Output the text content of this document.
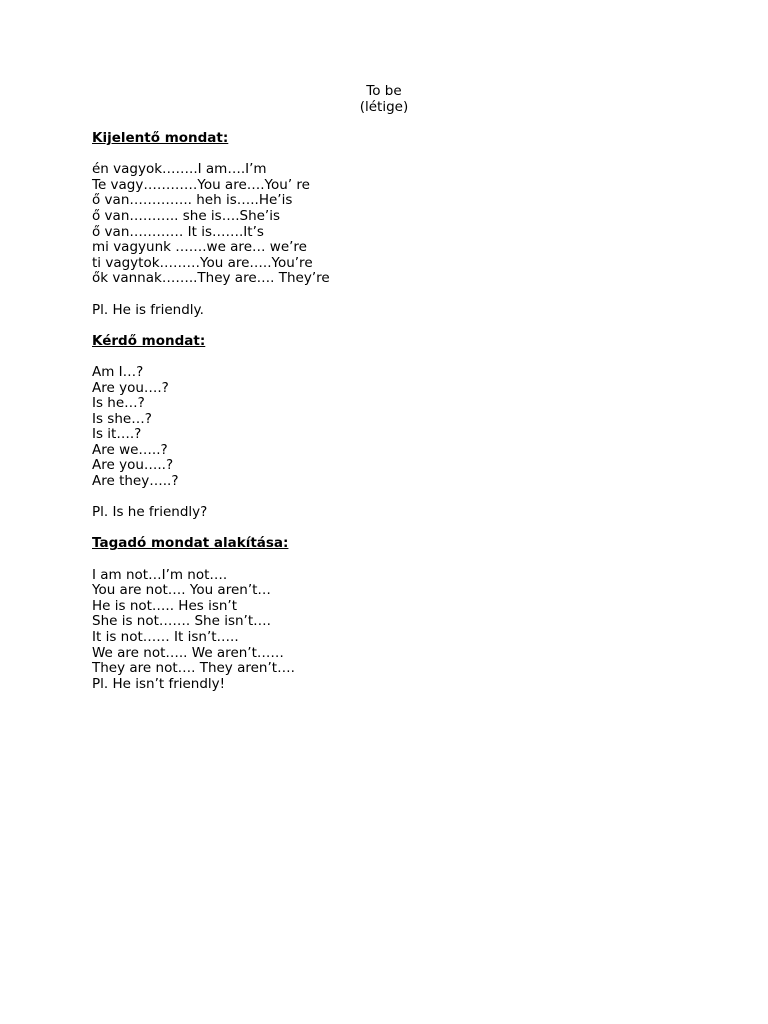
To be
(létige)
Kijelentő mondat:
én vagyok……..I am….I’m
Te vagy…………You are….You’ re
ő van………….. heh is…..He’is
ő van……….. she is….She’is
ő van………… It is…….It’s
mi vagyunk …….we are… we’re
ti vagytok………You are…..You’re
ők vannak……..They are…. They’re
Pl. He is friendly.
Kérdő mondat:
Am I…?
Are you….?
Is he…?
Is she…?
Is it….?
Are we…..?
Are you…..?
Are they…..?
Pl. Is he friendly?
Tagadó mondat alakítása:
I am not…I’m not….
You are not…. You aren’t…
He is not….. Hes isn’t
She is not……. She isn’t….
It is not…… It isn’t…..
We are not….. We aren’t……
They are not…. They aren’t….
Pl. He isn’t friendly!
